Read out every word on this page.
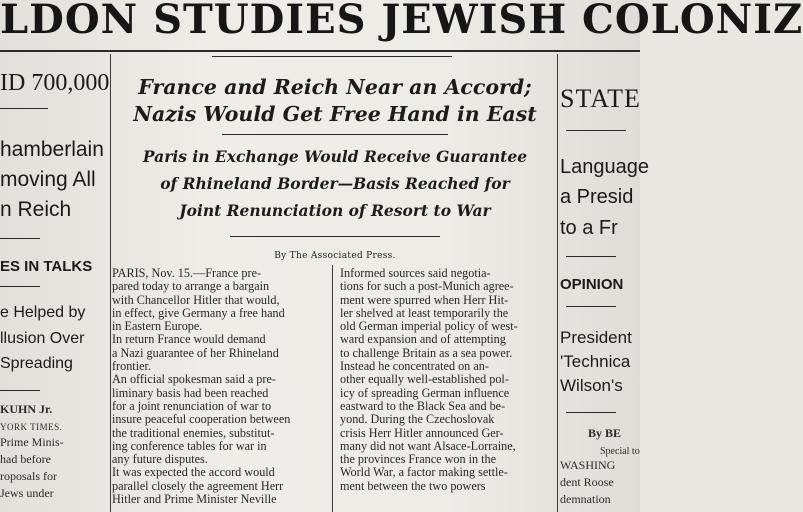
LDON STUDIES JEWISH COLONIZ
ID 700,000
hamberlain
moving All
n Reich
ES IN TALKS
e Helped by
llusion Over
Spreading
KUHN Jr.
YORK TIMES.
Prime Minis-
had before
roposals for
Jews under
France and Reich Near an Accord;
Nazis Would Get Free Hand in East
Paris in Exchange Would Receive Guarantee
of Rhineland Border—Basis Reached for
Joint Renunciation of Resort to War
By The Associated Press.
PARIS, Nov. 15.—France pre-
pared today to arrange a bargain
with Chancellor Hitler that would,
in effect, give Germany a free hand
in Eastern Europe.
In return France would demand
a Nazi guarantee of her Rhineland
frontier.
An official spokesman said a pre-
liminary basis had been reached
for a joint renunciation of war to
insure peaceful cooperation between
the traditional enemies, substitut-
ing conference tables for war in
any future disputes.
It was expected the accord would
parallel closely the agreement Herr
Hitler and Prime Minister Neville
Informed sources said negotia-
tions for such a post-Munich agree-
ment were spurred when Herr Hit-
ler shelved at least temporarily the
old German imperial policy of west-
ward expansion and of attempting
to challenge Britain as a sea power.
Instead he concentrated on an-
other equally well-established pol-
icy of spreading German influence
eastward to the Black Sea and be-
yond. During the Czechoslovak
crisis Herr Hitler announced Ger-
many did not want Alsace-Lorraine,
the provinces France won in the
World War, a factor making settle-
ment between the two powers
STATE
Language
a Presid
to a Fr
OPINION
President
'Technica
Wilson's
By BE
Special to
WASHING
dent Roose
demnation
